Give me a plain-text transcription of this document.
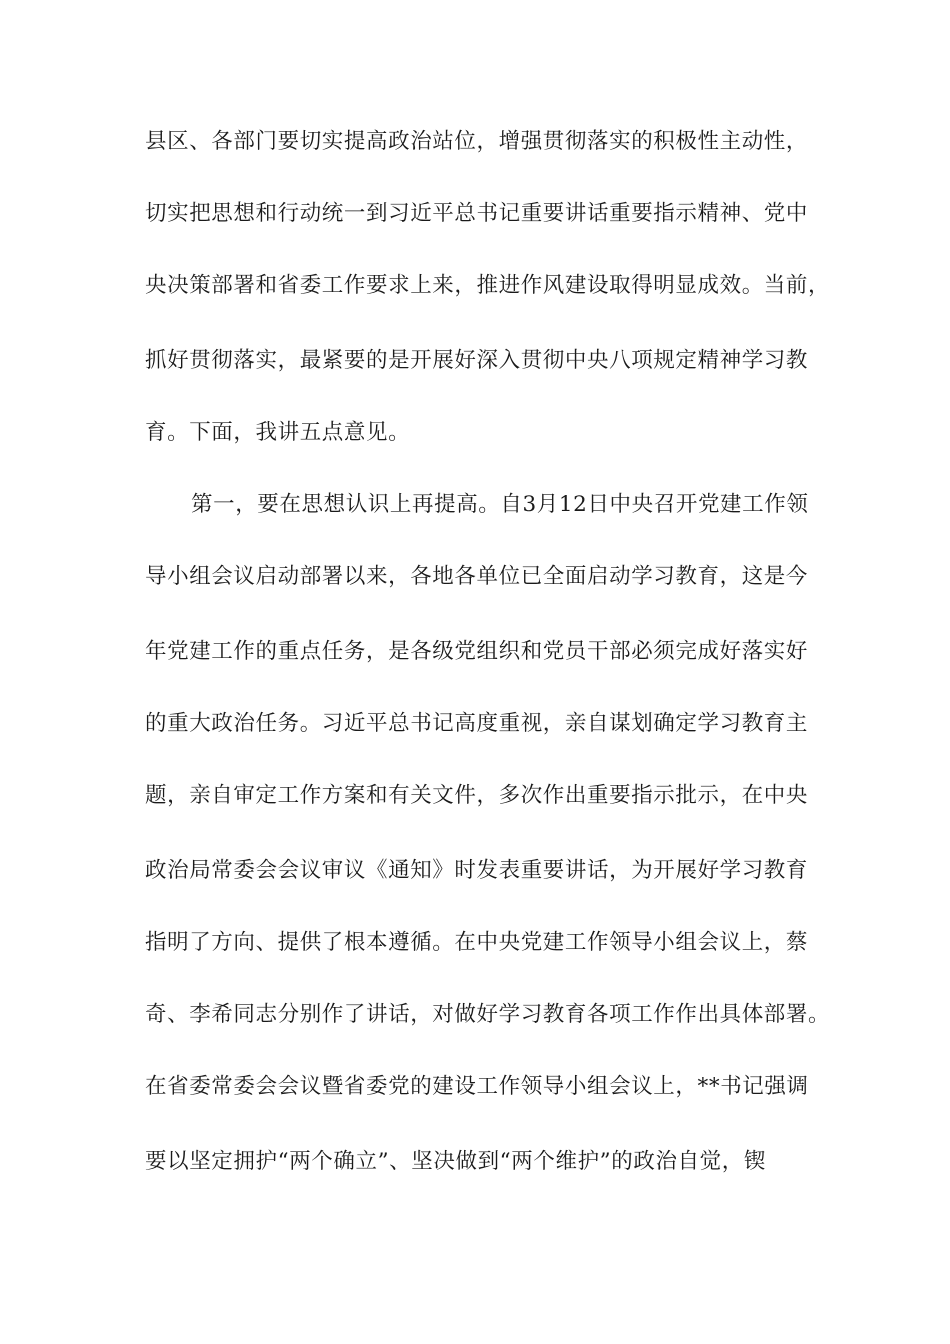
县区、各部门要切实提高政治站位，增强贯彻落实的积极性主动性，
切实把思想和行动统一到习近平总书记重要讲话重要指示精神、党中
央决策部署和省委工作要求上来，推进作风建设取得明显成效。当前，
抓好贯彻落实，最紧要的是开展好深入贯彻中央八项规定精神学习教
育。下面，我讲五点意见。
第一，要在思想认识上再提高。自3月12日中央召开党建工作领
导小组会议启动部署以来，各地各单位已全面启动学习教育，这是今
年党建工作的重点任务，是各级党组织和党员干部必须完成好落实好
的重大政治任务。习近平总书记高度重视，亲自谋划确定学习教育主
题，亲自审定工作方案和有关文件，多次作出重要指示批示，在中央
政治局常委会会议审议《通知》时发表重要讲话，为开展好学习教育
指明了方向、提供了根本遵循。在中央党建工作领导小组会议上，蔡
奇、李希同志分别作了讲话，对做好学习教育各项工作作出具体部署。
在省委常委会会议暨省委党的建设工作领导小组会议上，**书记强调
要以坚定拥护“两个确立”、坚决做到“两个维护”的政治自觉，锲
